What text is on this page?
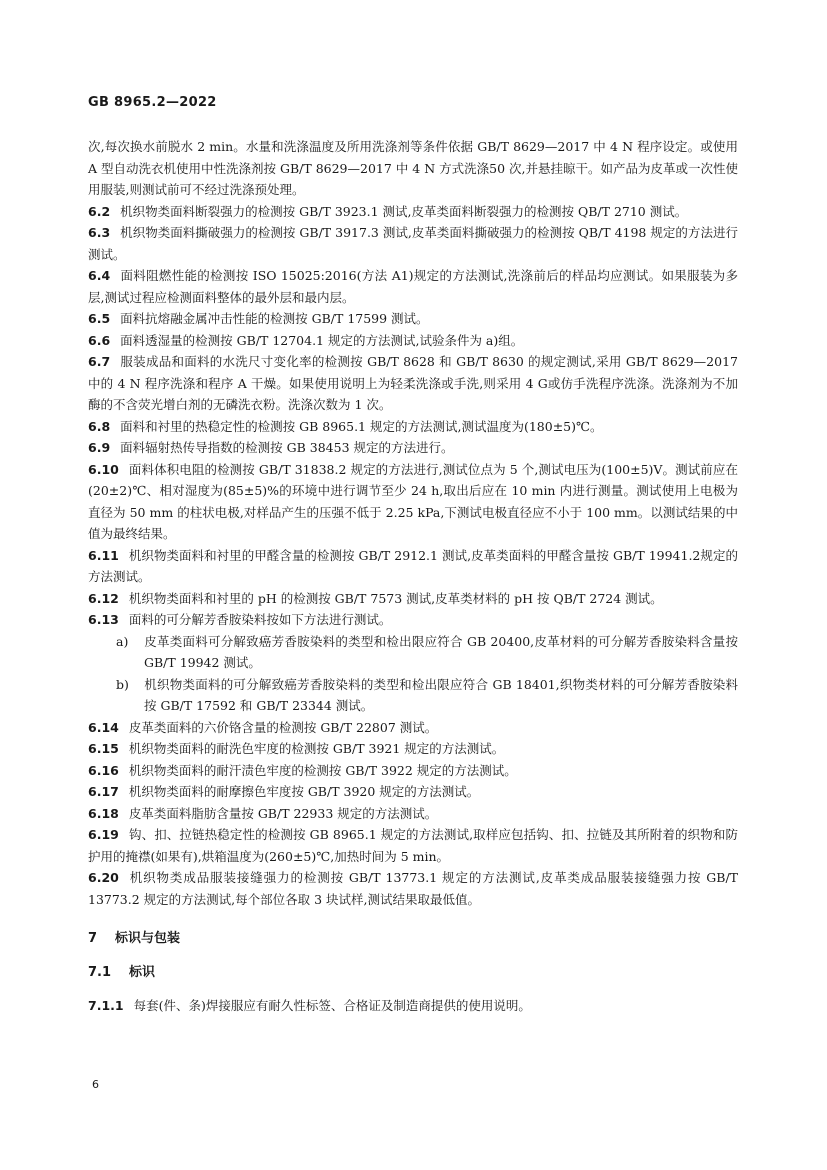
GB 8965.2—2022

次,每次换水前脱水 2 min。水量和洗涤温度及所用洗涤剂等条件依据 GB/T 8629—2017 中 4 N 程序设定。或使用 A 型自动洗衣机使用中性洗涤剂按 GB/T 8629—2017 中 4 N 方式洗涤50 次,并悬挂晾干。如产品为皮革或一次性使用服装,则测试前可不经过洗涤预处理。

6.2 机织物类面料断裂强力的检测按 GB/T 3923.1 测试,皮革类面料断裂强力的检测按 QB/T 2710 测试。

6.3 机织物类面料撕破强力的检测按 GB/T 3917.3 测试,皮革类面料撕破强力的检测按 QB/T 4198 规定的方法进行测试。

6.4 面料阻燃性能的检测按 ISO 15025:2016(方法 A1)规定的方法测试,洗涤前后的样品均应测试。如果服装为多层,测试过程应检测面料整体的最外层和最内层。

6.5 面料抗熔融金属冲击性能的检测按 GB/T 17599 测试。

6.6 面料透湿量的检测按 GB/T 12704.1 规定的方法测试,试验条件为 a)组。

6.7 服装成品和面料的水洗尺寸变化率的检测按 GB/T 8628 和 GB/T 8630 的规定测试,采用 GB/T 8629—2017 中的 4 N 程序洗涤和程序 A 干燥。如果使用说明上为轻柔洗涤或手洗,则采用 4 G或仿手洗程序洗涤。洗涤剂为不加酶的不含荧光增白剂的无磷洗衣粉。洗涤次数为 1 次。

6.8 面料和衬里的热稳定性的检测按 GB 8965.1 规定的方法测试,测试温度为(180±5)℃。

6.9 面料辐射热传导指数的检测按 GB 38453 规定的方法进行。

6.10 面料体积电阻的检测按 GB/T 31838.2 规定的方法进行,测试位点为 5 个,测试电压为(100±5)V。测试前应在(20±2)℃、相对湿度为(85±5)%的环境中进行调节至少 24 h,取出后应在 10 min 内进行测量。测试使用上电极为直径为 50 mm 的柱状电极,对样品产生的压强不低于 2.25 kPa,下测试电极直径应不小于 100 mm。以测试结果的中值为最终结果。

6.11 机织物类面料和衬里的甲醛含量的检测按 GB/T 2912.1 测试,皮革类面料的甲醛含量按 GB/T 19941.2规定的方法测试。

6.12 机织物类面料和衬里的 pH 的检测按 GB/T 7573 测试,皮革类材料的 pH 按 QB/T 2724 测试。

6.13 面料的可分解芳香胺染料按如下方法进行测试。

a) 皮革类面料可分解致癌芳香胺染料的类型和检出限应符合 GB 20400,皮革材料的可分解芳香胺染料含量按 GB/T 19942 测试。

b) 机织物类面料的可分解致癌芳香胺染料的类型和检出限应符合 GB 18401,织物类材料的可分解芳香胺染料按 GB/T 17592 和 GB/T 23344 测试。

6.14 皮革类面料的六价铬含量的检测按 GB/T 22807 测试。

6.15 机织物类面料的耐洗色牢度的检测按 GB/T 3921 规定的方法测试。

6.16 机织物类面料的耐汗渍色牢度的检测按 GB/T 3922 规定的方法测试。

6.17 机织物类面料的耐摩擦色牢度按 GB/T 3920 规定的方法测试。

6.18 皮革类面料脂肪含量按 GB/T 22933 规定的方法测试。

6.19 钩、扣、拉链热稳定性的检测按 GB 8965.1 规定的方法测试,取样应包括钩、扣、拉链及其所附着的织物和防护用的掩襟(如果有),烘箱温度为(260±5)℃,加热时间为 5 min。

6.20 机织物类成品服装接缝强力的检测按 GB/T 13773.1 规定的方法测试,皮革类成品服装接缝强力按 GB/T 13773.2 规定的方法测试,每个部位各取 3 块试样,测试结果取最低值。

7 标识与包装
7.1 标识

7.1.1 每套(件、条)焊接服应有耐久性标签、合格证及制造商提供的使用说明。

6
